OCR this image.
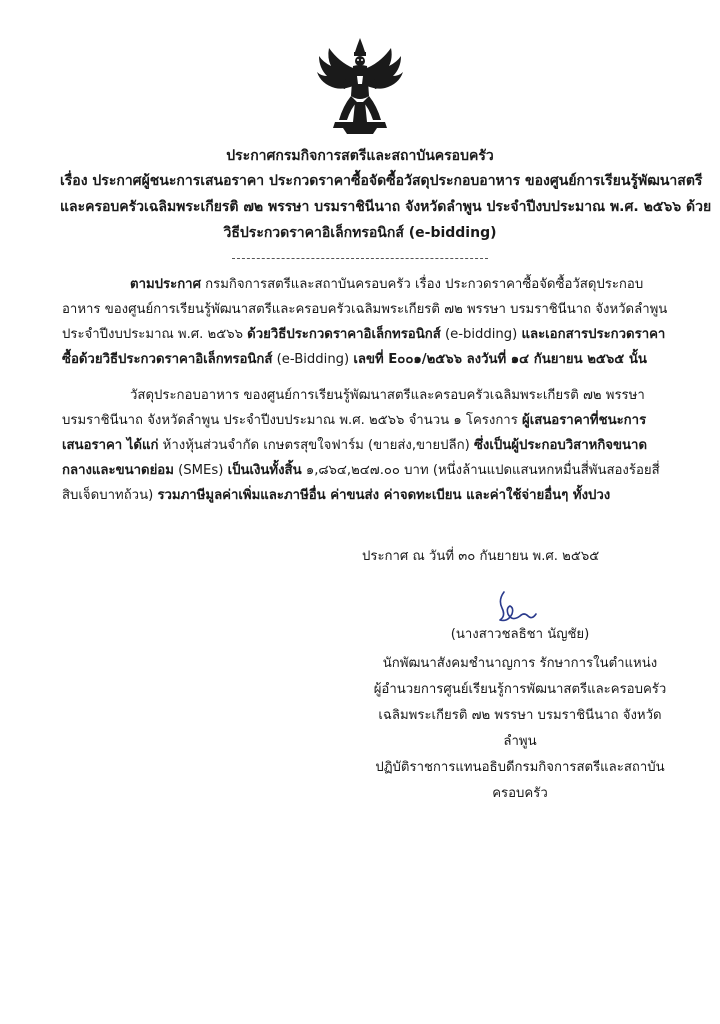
ประกาศกรมกิจการสตรีและสถาบันครอบครัว
เรื่อง ประกาศผู้ชนะการเสนอราคา ประกวดราคาซื้อจัดซื้อวัสดุประกอบอาหาร ของศูนย์การเรียนรู้พัฒนาสตรี
และครอบครัวเฉลิมพระเกียรติ ๗๒ พรรษา บรมราชินีนาถ จังหวัดลำพูน ประจำปีงบประมาณ พ.ศ. ๒๕๖๖ ด้วย
วิธีประกวดราคาอิเล็กทรอนิกส์ (e-bidding)

ตามประกาศ กรมกิจการสตรีและสถาบันครอบครัว เรื่อง ประกวดราคาซื้อจัดซื้อวัสดุประกอบอาหาร ของศูนย์การเรียนรู้พัฒนาสตรีและครอบครัวเฉลิมพระเกียรติ ๗๒ พรรษา บรมราชินีนาถ จังหวัดลำพูน ประจำปีงบประมาณ พ.ศ. ๒๕๖๖ ด้วยวิธีประกวดราคาอิเล็กทรอนิกส์ (e-bidding) และเอกสารประกวดราคาซื้อด้วยวิธีประกวดราคาอิเล็กทรอนิกส์ (e-Bidding) เลขที่ E๐๐๑/๒๕๖๖ ลงวันที่ ๑๔ กันยายน ๒๕๖๕ นั้น

วัสดุประกอบอาหาร ของศูนย์การเรียนรู้พัฒนาสตรีและครอบครัวเฉลิมพระเกียรติ ๗๒ พรรษา บรมราชินีนาถ จังหวัดลำพูน ประจำปีงบประมาณ พ.ศ. ๒๕๖๖ จำนวน ๑ โครงการ ผู้เสนอราคาที่ชนะการเสนอราคา ได้แก่ ห้างหุ้นส่วนจำกัด เกษตรสุขใจฟาร์ม (ขายส่ง,ขายปลีก) ซึ่งเป็นผู้ประกอบวิสาหกิจขนาดกลางและขนาดย่อม (SMEs) เป็นเงินทั้งสิ้น ๑,๘๖๔,๒๔๗.๐๐ บาท (หนึ่งล้านแปดแสนหกหมื่นสี่พันสองร้อยสี่สิบเจ็ดบาทถ้วน) รวมภาษีมูลค่าเพิ่มและภาษีอื่น ค่าขนส่ง ค่าจดทะเบียน และค่าใช้จ่ายอื่นๆ ทั้งปวง

ประกาศ ณ วันที่ ๓๐ กันยายน พ.ศ. ๒๕๖๕
(นางสาวชลธิชา นัญชัย)
นักพัฒนาสังคมชำนาญการ รักษาการในตำแหน่ง
ผู้อำนวยการศูนย์เรียนรู้การพัฒนาสตรีและครอบครัว
เฉลิมพระเกียรติ ๗๒ พรรษา บรมราชินีนาถ จังหวัด
ลำพูน
ปฏิบัติราชการแทนอธิบดีกรมกิจการสตรีและสถาบัน
ครอบครัว
